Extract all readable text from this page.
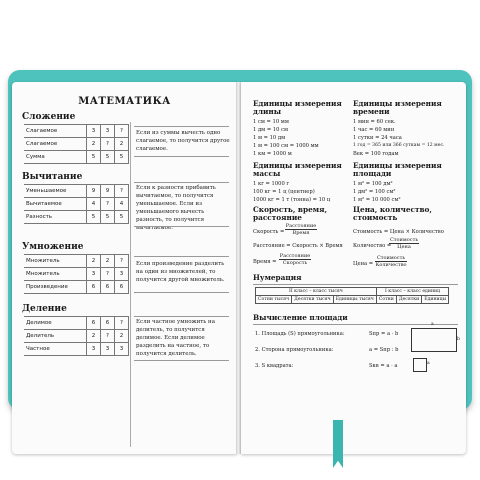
МАТЕМАТИКА
Сложение
Слагаемое	3	3	?
Слагаемое	2	?	2
Сумма	5	5	5
Если из суммы вычесть одно слагаемое, то получится другое слагаемое.
Вычитание
Уменьшаемое	9	9	?
Вычитаемое	4	?	4
Разность	5	5	5
Если к разности прибавить вычитаемое, то получится уменьшаемое. Если из уменьшаемого вычесть разность, то получится вычитаемое.
Умножение
Множитель	2	2	?
Множитель	3	?	3
Произведение	6	6	6
Если произведение разделить на один из множителей, то получится другой множитель.
Деление
Делимое	6	6	?
Делитель	2	?	2
Частное	3	3	3
Если частное умножить на делитель, то получится делимое. Если делимое разделить на частное, то получится делитель.
Единицы измерения длины
1 см = 10 мм
1 дм = 10 см
1 м = 10 дм
1 м = 100 см = 1000 мм
1 км = 1000 м
Единицы измерения времени
1 мин = 60 сек.
1 час = 60 мин
1 сутки = 24 часа
1 год = 365 или 366 суткам = 12 мес.
Век = 100 годам
Единицы измерения массы
1 кг = 1000 г
100 кг = 1 ц (центнер)
1000 кг = 1 т (тонна) = 10 ц
Единицы измерения площади
1 м² = 100 дм²
1 дм² = 100 см²
1 м² = 10 000 см²
Скорость, время, расстояние
Скорость =
Расстояние
Время
Расстояние = Скорость × Время
Время =
Расстояние
Скорость
Цена, количество, стоимость
Стоимость = Цена × Количество
Количество =
Стоимость
Цена
Цена =
Стоимость
Количество
Нумерация
II класс – класс тысяч			I класс – класс единиц		
Сотни тысяч	Десятки тысяч	Единицы тысяч	Сотни	Десятки	Единицы
Вычисление площади
1. Площадь (S) прямоугольника:	Sпр = a · b
2. Сторона прямоугольника:	a = Sпр : b
3. S квадрата:	Sкв = a · a
a
b
a
